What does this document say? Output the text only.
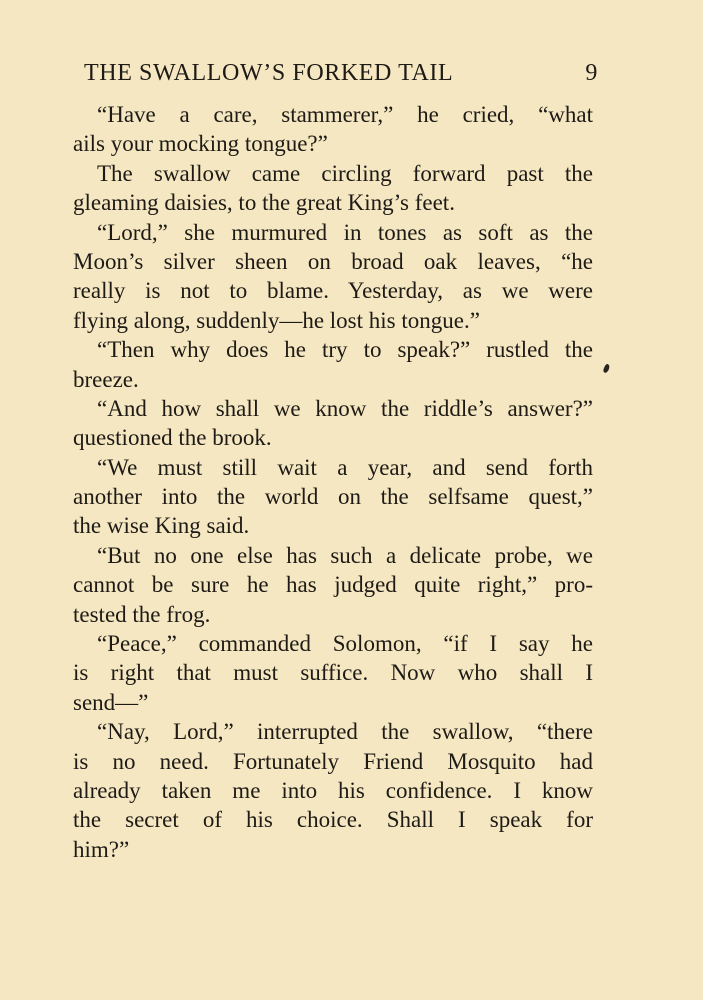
THE SWALLOW’S FORKED TAIL	9
“Have a care, stammerer,” he cried, “what
ails your mocking tongue?”
The swallow came circling forward past the
gleaming daisies, to the great King’s feet.
“Lord,” she murmured in tones as soft as the
Moon’s silver sheen on broad oak leaves, “he
really is not to blame. Yesterday, as we were
flying along, suddenly—he lost his tongue.”
“Then why does he try to speak?” rustled the
breeze.
“And how shall we know the riddle’s answer?”
questioned the brook.
“We must still wait a year, and send forth
another into the world on the selfsame quest,”
the wise King said.
“But no one else has such a delicate probe, we
cannot be sure he has judged quite right,” pro-
tested the frog.
“Peace,” commanded Solomon, “if I say he
is right that must suffice. Now who shall I
send—”
“Nay, Lord,” interrupted the swallow, “there
is no need. Fortunately Friend Mosquito had
already taken me into his confidence. I know
the secret of his choice. Shall I speak for
him?”
